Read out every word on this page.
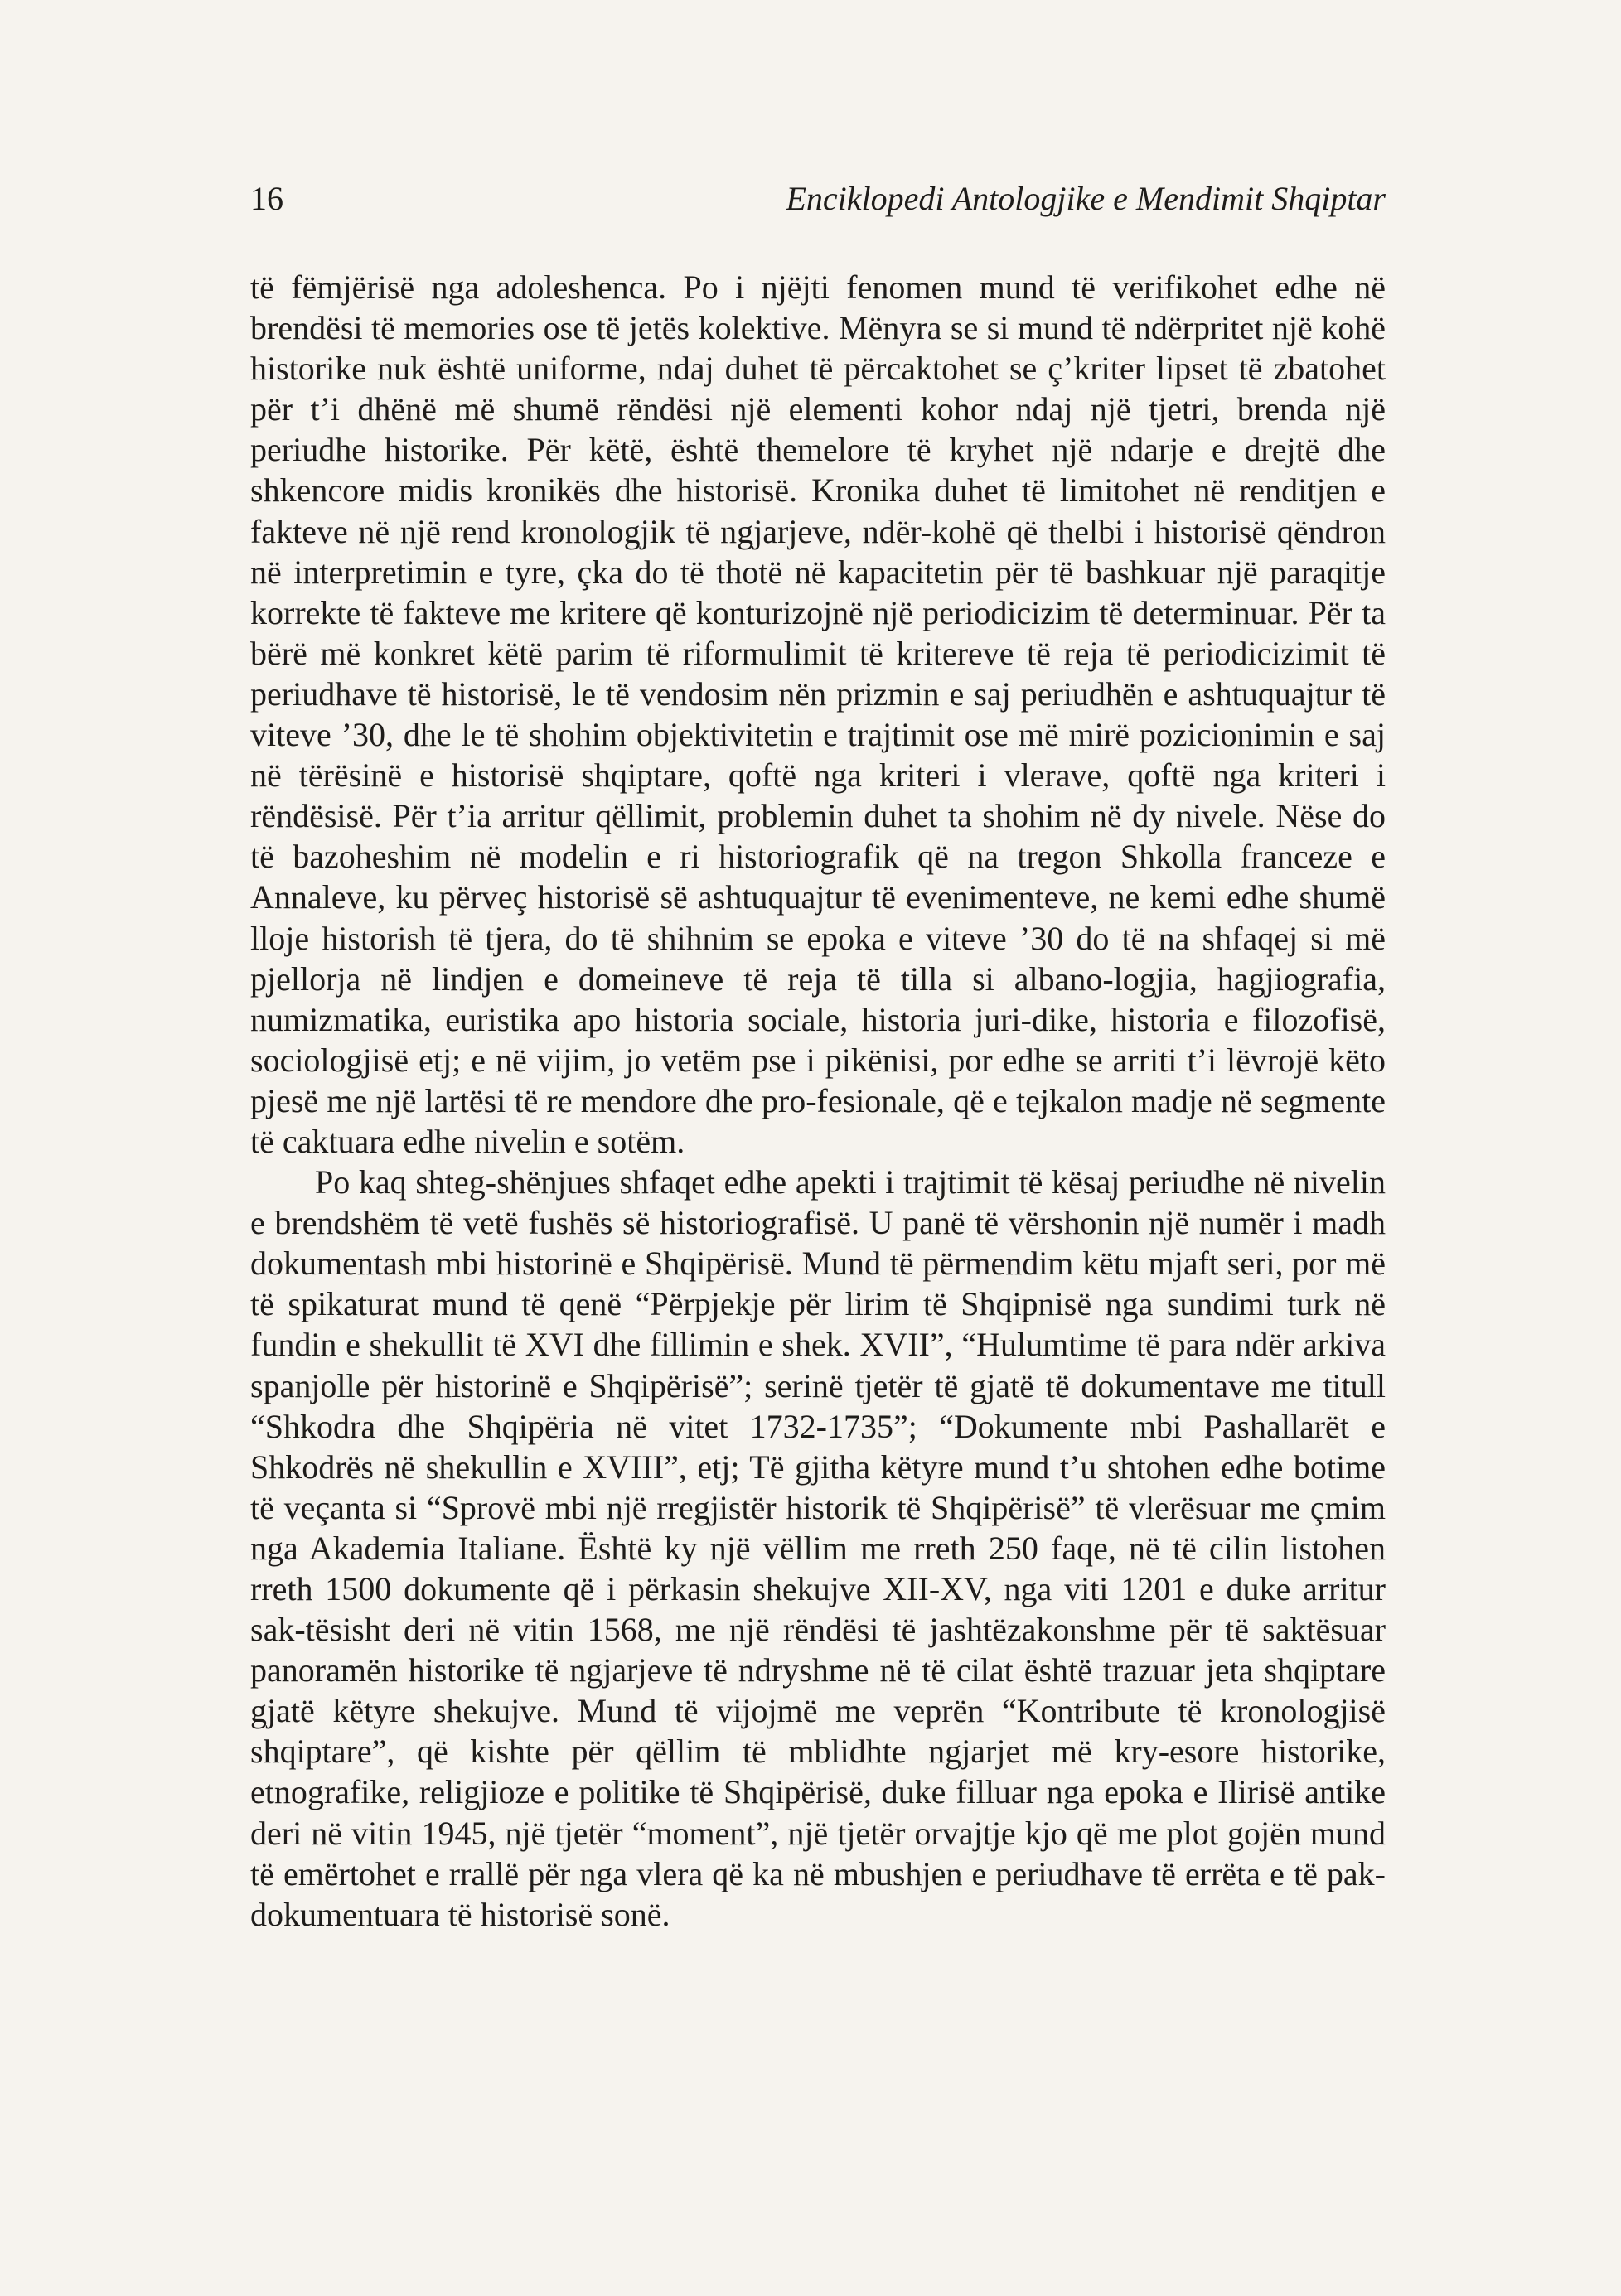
16	Enciklopedi Antologjike e Mendimit Shqiptar

të fëmjërisë nga adoleshenca. Po i njëjti fenomen mund të verifikohet edhe në brendësi të memories ose të jetës kolektive. Mënyra se si mund të ndërpritet një kohë historike nuk është uniforme, ndaj duhet të përcaktohet se ç’kriter lipset të zbatohet për t’i dhënë më shumë rëndësi një elementi kohor ndaj një tjetri, brenda një periudhe historike. Për këtë, është themelore të kryhet një ndarje e drejtë dhe shkencore midis kronikës dhe historisë. Kronika duhet të limitohet në renditjen e fakteve në një rend kronologjik të ngjarjeve, ndër-kohë që thelbi i historisë qëndron në interpretimin e tyre, çka do të thotë në kapacitetin për të bashkuar një paraqitje korrekte të fakteve me kritere që konturizojnë një periodicizim të determinuar. Për ta bërë më konkret këtë parim të riformulimit të kritereve të reja të periodicizimit të periudhave të historisë, le të vendosim nën prizmin e saj periudhën e ashtuquajtur të viteve ’30, dhe le të shohim objektivitetin e trajtimit ose më mirë pozicionimin e saj në tërësinë e historisë shqiptare, qoftë nga kriteri i vlerave, qoftë nga kriteri i rëndësisë. Për t’ia arritur qëllimit, problemin duhet ta shohim në dy nivele. Nëse do të bazoheshim në modelin e ri historiografik që na tregon Shkolla franceze e Annaleve, ku përveç historisë së ashtuquajtur të evenimenteve, ne kemi edhe shumë lloje historish të tjera, do të shihnim se epoka e viteve ’30 do të na shfaqej si më pjellorja në lindjen e domeineve të reja të tilla si albano-logjia, hagjiografia, numizmatika, euristika apo historia sociale, historia juri-dike, historia e filozofisë, sociologjisë etj; e në vijim, jo vetëm pse i pikënisi, por edhe se arriti t’i lëvrojë këto pjesë me një lartësi të re mendore dhe pro-fesionale, që e tejkalon madje në segmente të caktuara edhe nivelin e sotëm.

Po kaq shteg-shënjues shfaqet edhe apekti i trajtimit të kësaj periudhe në nivelin e brendshëm të vetë fushës së historiografisë. U panë të vërshonin një numër i madh dokumentash mbi historinë e Shqipërisë. Mund të përmendim këtu mjaft seri, por më të spikaturat mund të qenë “Përpjekje për lirim të Shqipnisë nga sundimi turk në fundin e shekullit të XVI dhe fillimin e shek. XVII”, “Hulumtime të para ndër arkiva spanjolle për historinë e Shqipërisë”; serinë tjetër të gjatë të dokumentave me titull “Shkodra dhe Shqipëria në vitet 1732-1735”; “Dokumente mbi Pashallarët e Shkodrës në shekullin e XVIII”, etj; Të gjitha këtyre mund t’u shtohen edhe botime të veçanta si “Sprovë mbi një rregjistër historik të Shqipërisë” të vlerësuar me çmim nga Akademia Italiane. Është ky një vëllim me rreth 250 faqe, në të cilin listohen rreth 1500 dokumente që i përkasin shekujve XII-XV, nga viti 1201 e duke arritur sak-tësisht deri në vitin 1568, me një rëndësi të jashtëzakonshme për të saktësuar panoramën historike të ngjarjeve të ndryshme në të cilat është trazuar jeta shqiptare gjatë këtyre shekujve. Mund të vijojmë me veprën “Kontribute të kronologjisë shqiptare”, që kishte për qëllim të mblidhte ngjarjet më kry-esore historike, etnografike, religjioze e politike të Shqipërisë, duke filluar nga epoka e Ilirisë antike deri në vitin 1945, një tjetër “moment”, një tjetër orvajtje kjo që me plot gojën mund të emërtohet e rrallë për nga vlera që ka në mbushjen e periudhave të errëta e të pak-dokumentuara të historisë sonë.
